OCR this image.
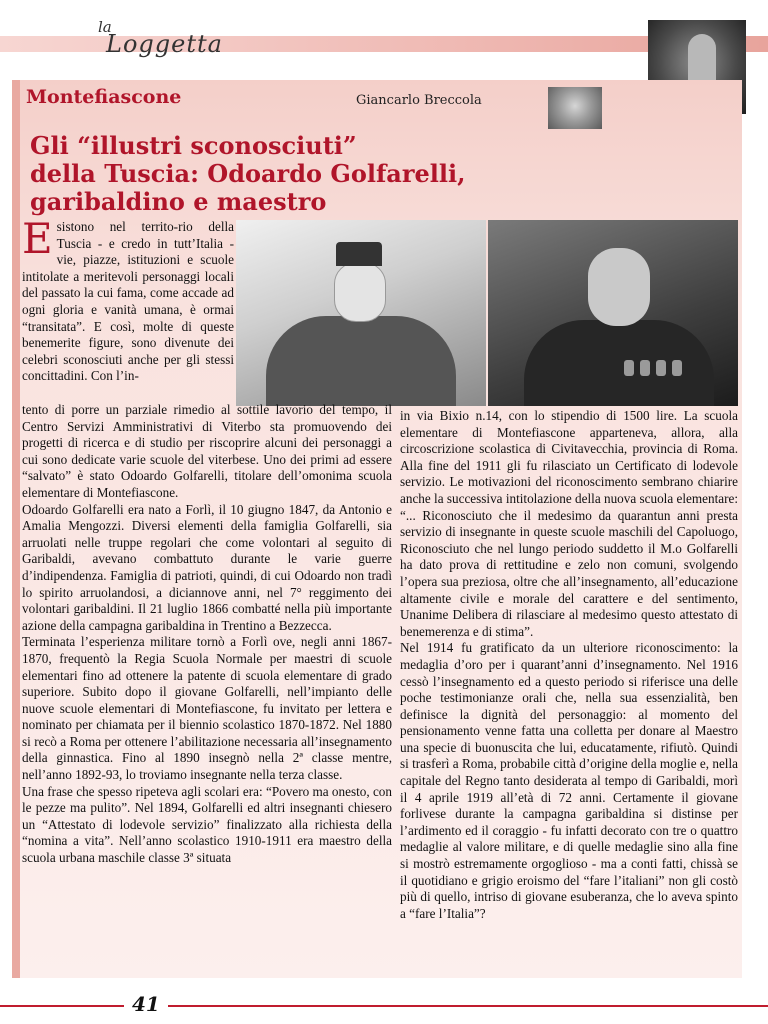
la
Loggetta
Montefiascone	Giancarlo Breccola
Gli “illustri sconosciuti”
della Tuscia: Odoardo Golfarelli,
garibaldino e maestro
Esistono nel territo-rio della Tuscia - e credo in tutt’Italia - vie, piazze, istituzioni e scuole intitolate a meritevoli personaggi locali del passato la cui fama, come accade ad ogni gloria e vanità umana, è ormai “transitata”. E così, molte di queste benemerite figure, sono divenute dei celebri sconosciuti anche per gli stessi concittadini. Con l’in-

tento di porre un parziale rimedio al sottile lavorio del tempo, il Centro Servizi Amministrativi di Viterbo sta promuovendo dei progetti di ricerca e di studio per riscoprire alcuni dei personaggi a cui sono dedicate varie scuole del viterbese. Uno dei primi ad essere “salvato” è stato Odoardo Golfarelli, titolare dell’omonima scuola elementare di Montefiascone.

Odoardo Golfarelli era nato a Forlì, il 10 giugno 1847, da Antonio e Amalia Mengozzi. Diversi elementi della famiglia Golfarelli, sia arruolati nelle truppe regolari che come volontari al seguito di Garibaldi, avevano combattuto durante le varie guerre d’indipendenza. Famiglia di patrioti, quindi, di cui Odoardo non tradì lo spirito arruolandosi, a diciannove anni, nel 7° reggimento dei volontari garibaldini. Il 21 luglio 1866 combatté nella più importante azione della campagna garibaldina in Trentino a Bezzecca.

Terminata l’esperienza militare tornò a Forlì ove, negli anni 1867-1870, frequentò la Regia Scuola Normale per maestri di scuole elementari fino ad ottenere la patente di scuola elementare di grado superiore. Subito dopo il giovane Golfarelli, nell’impianto delle nuove scuole elementari di Montefiascone, fu invitato per lettera e nominato per chiamata per il biennio scolastico 1870-1872. Nel 1880 si recò a Roma per ottenere l’abilitazione necessaria all’insegnamento della ginnastica. Fino al 1890 insegnò nella 2ª classe mentre, nell’anno 1892-93, lo troviamo insegnante nella terza classe.

Una frase che spesso ripeteva agli scolari era: “Povero ma onesto, con le pezze ma pulito”. Nel 1894, Golfarelli ed altri insegnanti chiesero un “Attestato di lodevole servizio” finalizzato alla richiesta della “nomina a vita”. Nell’anno scolastico 1910-1911 era maestro della scuola urbana maschile classe 3ª situata

in via Bixio n.14, con lo stipendio di 1500 lire. La scuola elementare di Montefiascone apparteneva, allora, alla circoscrizione scolastica di Civitavecchia, provincia di Roma. Alla fine del 1911 gli fu rilasciato un Certificato di lodevole servizio. Le motivazioni del riconoscimento sembrano chiarire anche la successiva intitolazione della nuova scuola elementare: “... Riconosciuto che il medesimo da quarantun anni presta servizio di insegnante in queste scuole maschili del Capoluogo, Riconosciuto che nel lungo periodo suddetto il M.o Golfarelli ha dato prova di rettitudine e zelo non comuni, svolgendo l’opera sua preziosa, oltre che all’insegnamento, all’educazione altamente civile e morale del carattere e del sentimento, Unanime Delibera di rilasciare al medesimo questo attestato di benemerenza e di stima”.

Nel 1914 fu gratificato da un ulteriore riconoscimento: la medaglia d’oro per i quarant’anni d’insegnamento. Nel 1916 cessò l’insegnamento ed a questo periodo si riferisce una delle poche testimonianze orali che, nella sua essenzialità, ben definisce la dignità del personaggio: al momento del pensionamento venne fatta una colletta per donare al Maestro una specie di buonuscita che lui, educatamente, rifiutò. Quindi si trasferì a Roma, probabile città d’origine della moglie e, nella capitale del Regno tanto desiderata al tempo di Garibaldi, morì il 4 aprile 1919 all’età di 72 anni. Certamente il giovane forlivese durante la campagna garibaldina si distinse per l’ardimento ed il coraggio - fu infatti decorato con tre o quattro medaglie al valore militare, e di quelle medaglie sino alla fine si mostrò estremamente orgoglioso - ma a conti fatti, chissà se il quotidiano e grigio eroismo del “fare l’italiani” non gli costò più di quello, intriso di giovane esuberanza, che lo aveva spinto a “fare l’Italia”?

41
